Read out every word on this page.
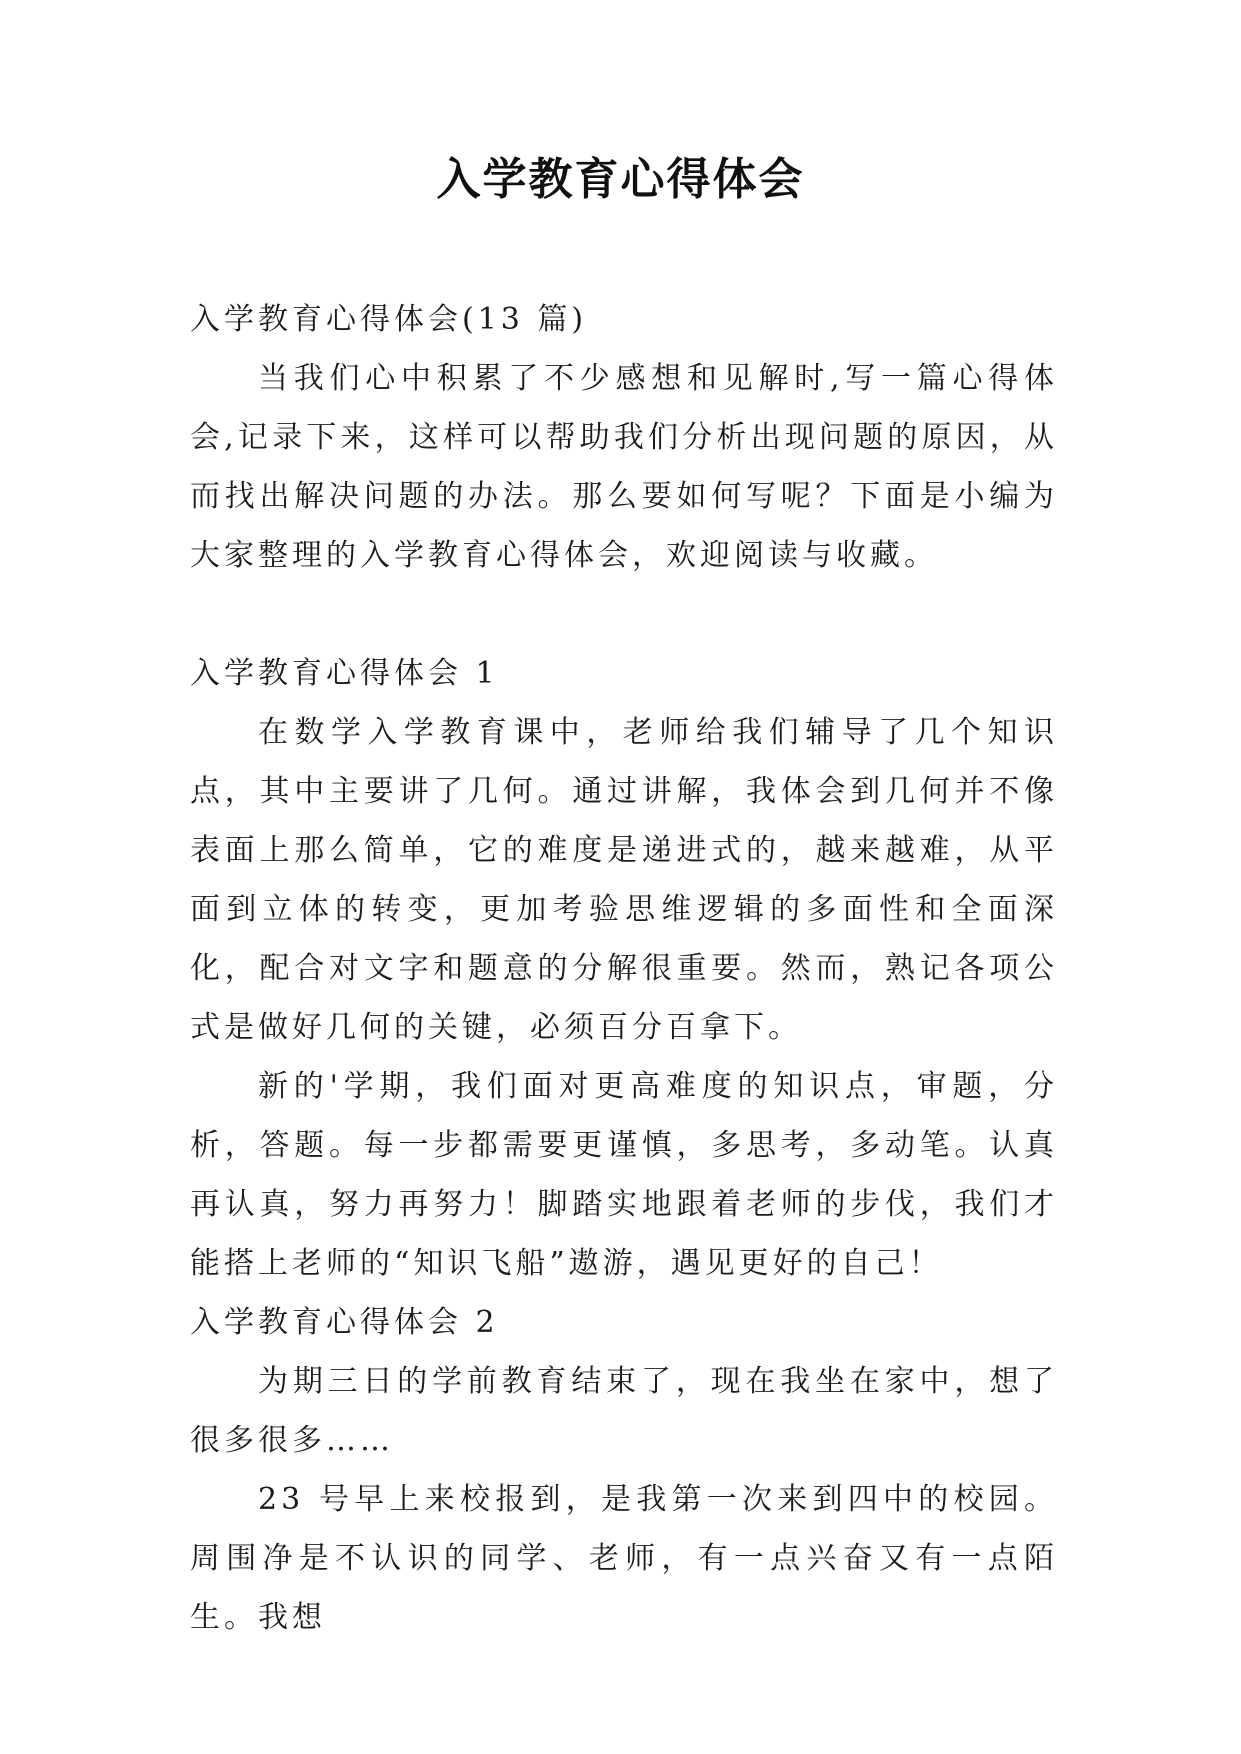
入学教育心得体会

入学教育心得体会(13 篇)

当我们心中积累了不少感想和见解时,写一篇心得体会,记录下来，这样可以帮助我们分析出现问题的原因，从而找出解决问题的办法。那么要如何写呢？下面是小编为大家整理的入学教育心得体会，欢迎阅读与收藏。

入学教育心得体会 1

在数学入学教育课中，老师给我们辅导了几个知识点，其中主要讲了几何。通过讲解，我体会到几何并不像表面上那么简单，它的难度是递进式的，越来越难，从平面到立体的转变，更加考验思维逻辑的多面性和全面深化，配合对文字和题意的分解很重要。然而，熟记各项公式是做好几何的关键，必须百分百拿下。

新的'学期，我们面对更高难度的知识点，审题，分析，答题。每一步都需要更谨慎，多思考，多动笔。认真再认真，努力再努力！脚踏实地跟着老师的步伐，我们才能搭上老师的“知识飞船”遨游，遇见更好的自己！

入学教育心得体会 2

为期三日的学前教育结束了，现在我坐在家中，想了很多很多……

23 号早上来校报到，是我第一次来到四中的校园。周围净是不认识的同学、老师，有一点兴奋又有一点陌生。我想
